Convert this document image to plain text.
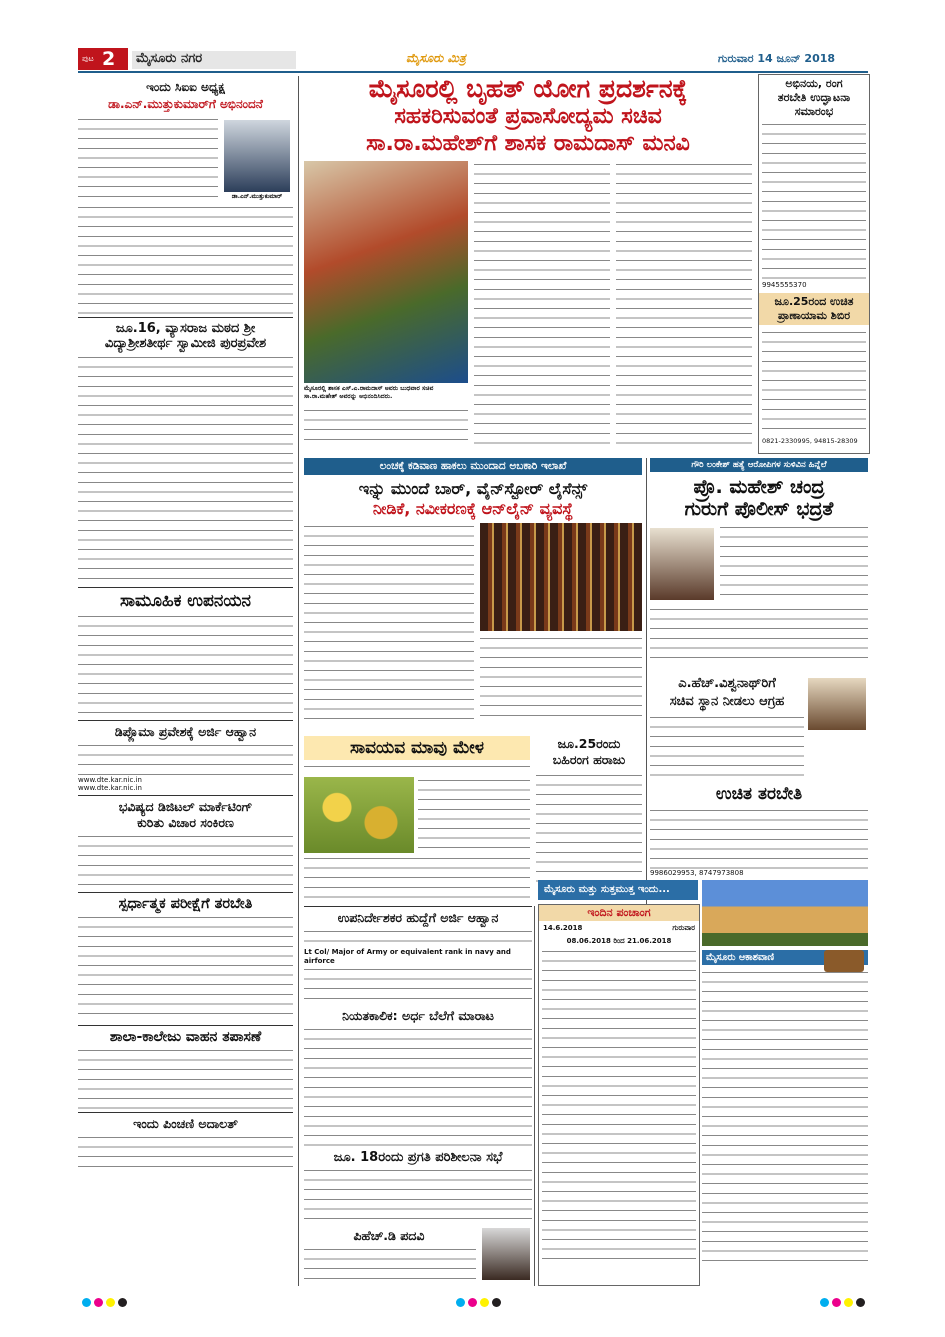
ಪುಟ 2	ಮೈಸೂರು ನಗರ	ಮೈಸೂರು ಮಿತ್ರ	ಗುರುವಾರ 14 ಜೂನ್ 2018
ಇಂದು ಸಿಐಐ ಅಧ್ಯಕ್ಷ
ಡಾ.ಎನ್.ಮುತ್ತುಕುಮಾರ್‌ಗೆ ಅಭಿನಂದನೆ
ಡಾ.ಎನ್.ಮುತ್ತುಕುಮಾರ್
ಜೂ.16, ವ್ಯಾಸರಾಜ ಮಠದ ಶ್ರೀ
ವಿದ್ಯಾಶ್ರೀಶತೀರ್ಥ ಸ್ವಾಮೀಜಿ ಪುರಪ್ರವೇಶ
ಸಾಮೂಹಿಕ ಉಪನಯನ
ಡಿಪ್ಲೊಮಾ ಪ್ರವೇಶಕ್ಕೆ ಅರ್ಜಿ ಆಹ್ವಾನ
www.dte.kar.nic.in
www.dte.kar.nic.in
ಭವಿಷ್ಯದ ಡಿಜಿಟಲ್ ಮಾರ್ಕೆಟಿಂಗ್
ಕುರಿತು ವಿಚಾರ ಸಂಕಿರಣ
ಸ್ಪರ್ಧಾತ್ಮಕ ಪರೀಕ್ಷೆಗೆ ತರಬೇತಿ
ಶಾಲಾ-ಕಾಲೇಜು ವಾಹನ ತಪಾಸಣೆ
ಇಂದು ಪಿಂಚಣಿ ಅದಾಲತ್
ಮೈಸೂರಲ್ಲಿ ಬೃಹತ್ ಯೋಗ ಪ್ರದರ್ಶನಕ್ಕೆ
ಸಹಕರಿಸುವಂತೆ ಪ್ರವಾಸೋದ್ಯಮ ಸಚಿವ
ಸಾ.ರಾ.ಮಹೇಶ್‌ಗೆ ಶಾಸಕ ರಾಮದಾಸ್ ಮನವಿ
ಮೈಸೂರಲ್ಲಿ ಶಾಸಕ ಎಸ್.ಎ.ರಾಮದಾಸ್ ಅವರು ಬುಧವಾರ ಸಚಿವ ಸಾ.ರಾ.ಮಹೇಶ್ ಅವರನ್ನು ಅಭಿನಂದಿಸಿದರು.
ಅಭಿನಯ, ರಂಗ
ತರಬೇತಿ ಉದ್ಘಾಟನಾ
ಸಮಾರಂಭ
9945555370
ಜೂ.25ರಂದ ಉಚಿತ
ಪ್ರಾಣಾಯಾಮ ಶಿಬಿರ
0821-2330995, 94815-28309
ಲಂಚಕ್ಕೆ ಕಡಿವಾಣ ಹಾಕಲು ಮುಂದಾದ ಅಬಕಾರಿ ಇಲಾಖೆ
ಇನ್ನು ಮುಂದೆ ಬಾರ್, ವೈನ್‌ಸ್ಟೋರ್ ಲೈಸೆನ್ಸ್
ನೀಡಿಕೆ, ನವೀಕರಣಕ್ಕೆ ಆನ್‌ಲೈನ್ ವ್ಯವಸ್ಥೆ
ಗೌರಿ ಲಂಕೇಶ್ ಹತ್ಯೆ ಆರೋಪಿಗಳ ಸುಳಿವಿನ ಹಿನ್ನೆಲೆ
ಪ್ರೊ. ಮಹೇಶ್ ಚಂದ್ರ
ಗುರುಗೆ ಪೊಲೀಸ್ ಭದ್ರತೆ
ಎ.ಹೆಚ್.ವಿಶ್ವನಾಥ್‌ರಿಗೆ
ಸಚಿವ ಸ್ಥಾನ ನೀಡಲು ಆಗ್ರಹ
ಉಚಿತ ತರಬೇತಿ
9986029953, 8747973808
ಸಾವಯವ ಮಾವು ಮೇಳ	ಜೂ.25ರಂದು
ಬಹಿರಂಗ ಹರಾಜು
ಉಪನಿರ್ದೇಶಕರ ಹುದ್ದೆಗೆ ಅರ್ಜಿ ಆಹ್ವಾನ
Lt Col/ Major of Army or equivalent rank in navy and airforce
ನಿಯತಕಾಲಿಕ: ಅರ್ಧ ಬೆಲೆಗೆ ಮಾರಾಟ
ಜೂ. 18ರಂದು ಪ್ರಗತಿ ಪರಿಶೀಲನಾ ಸಭೆ
ಪಿಹೆಚ್.ಡಿ ಪದವಿ
ಮೈಸೂರು ಮತ್ತು ಸುತ್ತಮುತ್ತ ಇಂದು...
ಇಂದಿನ ಪಂಚಾಂಗ
14.6.2018	ಗುರುವಾರ
08.06.2018 ರಿಂದ 21.06.2018
ಮೈಸೂರು ಆಕಾಶವಾಣಿ
